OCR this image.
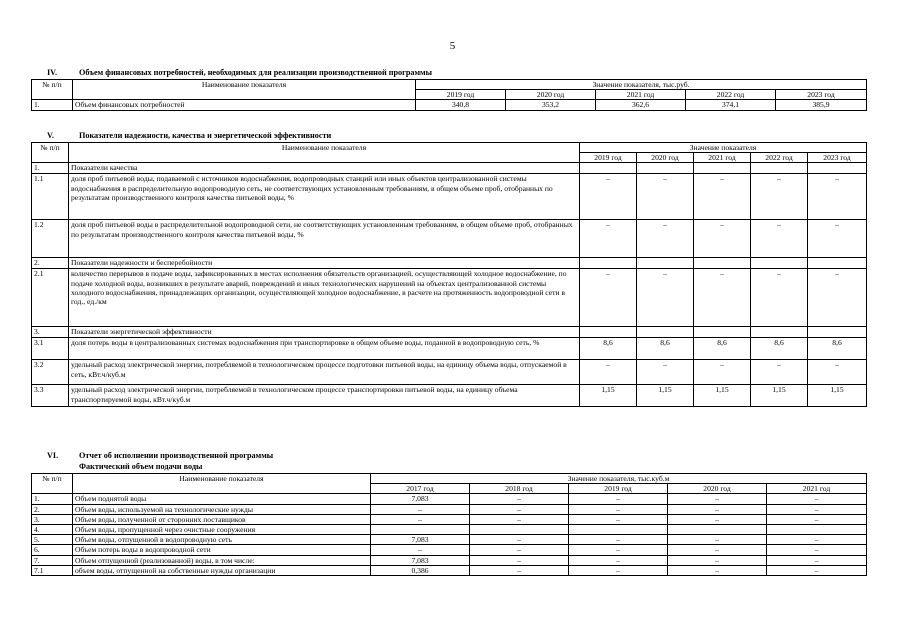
5
IV.	Объем финансовых потребностей, необходимых для реализации производственной программы
№ п/п	Наименование показателя	Значение показателя, тыс.руб.				
		2019 год	2020 год	2021 год	2022 год	2023 год
1.	Объем финансовых потребностей	340,8	353,2	362,6	374,1	385,9
V.	Показатели надежности, качества и энергетической эффективности
№ п/п	Наименование показателя	Значение показателя				
		2019 год	2020 год	2021 год	2022 год	2023 год
1.	Показатели качества					
1.1	доля проб питьевой воды, подаваемой с источников водоснабжения, водопроводных станций или иных объектов централизованной системы водоснабжения в распределительную водопроводную сеть, не соответствующих установленным требованиям, в общем объеме проб, отобранных по результатам производственного контроля качества питьевой воды, %	–	–	–	–	–
1.2	доля проб питьевой воды в распределительной водопроводной сети, не соответствующих установленным требованиям, в общем объеме проб, отобранных по результатам производственного контроля качества питьевой воды, %	–	–	–	–	–
2.	Показатели надежности и бесперебойности					
2.1	количество перерывов в подаче воды, зафиксированных в местах исполнения обязательств организацией, осуществляющей холодное водоснабжение, по подаче холодной воды, возникших в результате аварий, повреждений и иных технологических нарушений на объектах централизованной системы холодного водоснабжения, принадлежащих организации, осуществляющей холодное водоснабжение, в расчете на протяженность водопроводной сети в год., ед./км	–	–	–	–	–
3.	Показатели энергетической эффективности					
3.1	доля потерь воды в централизованных системах водоснабжения при транспортировке в общем объеме воды, поданной в водопроводную сеть, %	8,6	8,6	8,6	8,6	8,6
3.2	удельный расход электрической энергии, потребляемой в технологическом процессе подготовки питьевой воды, на единицу объема воды, отпускаемой в сеть, кВт.ч/куб.м	–	–	–	–	–
3.3	удельный расход электрической энергии, потребляемой в технологическом процессе транспортировки питьевой воды, на единицу объема транспортируемой воды, кВт.ч/куб.м	1,15	1,15	1,15	1,15	1,15
VI.	Отчет об исполнении производственной программы
Фактический объем подачи воды
№ п/п	Наименование показателя	Значение показателя, тыс.куб.м				
		2017 год	2018 год	2019 год	2020 год	2021 год
1.	Объем поднятой воды	7,083	–	–	–	–
2.	Объем воды, используемой на технологические нужды	–	–	–	–	–
3.	Объем воды, полученной от сторонних поставщиков	–	–	–	–	–
4.	Объем воды, пропущенной через очистные сооружения					
5.	Объем воды, отпущенной в водопроводную сеть	7,083	–	–	–	–
6.	Объем потерь воды в водопроводной сети	–	–	–	–	–
7.	Объем отпущенной (реализованной) воды, в том числе:	7,083	–	–	–	–
7.1	объем воды, отпущенной на собственные нужды организации	0,386	–	–	–	–
